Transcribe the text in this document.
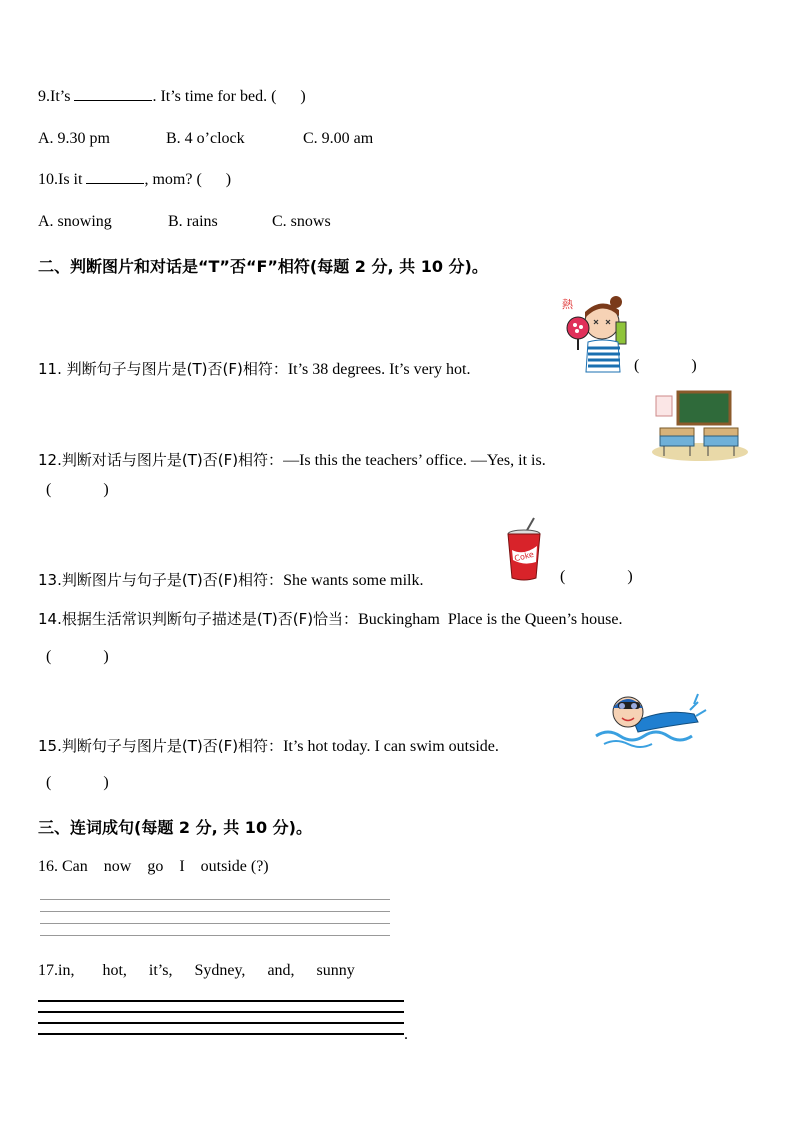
9.It’s	. It’s time for bed. ( )
A. 9.30 pm	B. 4 o’clock	C. 9.00 am
10.Is it	, mom? ( )
A. snowing	B. rains	C. snows
二、判断图片和对话是“T”否“F”相符(每题 2 分, 共 10 分)。
熱
11. 判断句子与图片是(T)否(F)相符：It’s 38 degrees. It’s very hot.	(	)
12.判断对话与图片是(T)否(F)相符：—Is this the teachers’ office. —Yes, it is.
(	)
Coke
13.判断图片与句子是(T)否(F)相符：She wants some milk.	(	)
14.根据生活常识判断句子描述是(T)否(F)恰当：Buckingham  Place is the Queen’s house.
(	)
15.判断句子与图片是(T)否(F)相符：It’s hot today. I can swim outside.
(	)
三、连词成句(每题 2 分, 共 10 分)。
16. Can    now    go    I    outside (?)
17.in, hot, it’s, Sydney, and, sunny
.
